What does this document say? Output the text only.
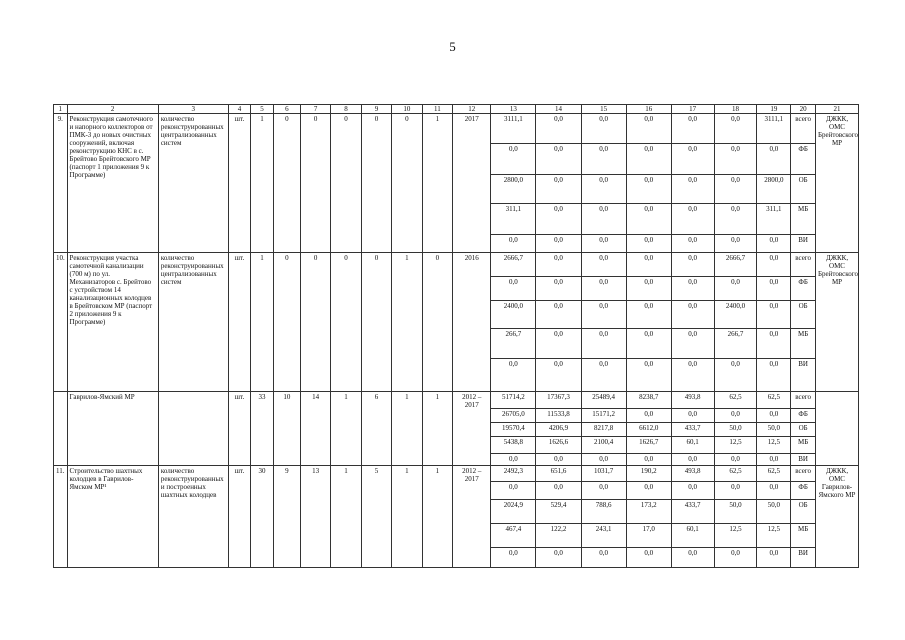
5
1	2	3	4	5	6	7	8	9	10	11	12	13	14	15	16	17	18	19	20	21
9.	Реконструкция самотечного и напорного коллекторов от ПМК-3 до новых очистных сооружений, включая реконструкцию КНС в с. Брейтово Брейтовского МР (паспорт 1 приложения 9 к Программе)	количество реконструированных централизованных систем	шт.	1	0	0	0	0	0	1	2017	3111,1	0,0	0,0	0,0	0,0	0,0	3111,1	всего	ДЖКК, ОМС Брейтовского МР
												0,0	0,0	0,0	0,0	0,0	0,0	0,0	ФБ	
												2800,0	0,0	0,0	0,0	0,0	0,0	2800,0	ОБ	
												311,1	0,0	0,0	0,0	0,0	0,0	311,1	МБ	
												0,0	0,0	0,0	0,0	0,0	0,0	0,0	ВИ	
10.	Реконструкция участка самотечной канализации (700 м) по ул. Механизаторов с. Брейтово с устройством 14 канализационных колодцев в Брейтовском МР (паспорт 2 приложения 9 к Программе)	количество реконструированных централизованных систем	шт.	1	0	0	0	0	1	0	2016	2666,7	0,0	0,0	0,0	0,0	2666,7	0,0	всего	ДЖКК, ОМС Брейтовского МР
												0,0	0,0	0,0	0,0	0,0	0,0	0,0	ФБ	
												2400,0	0,0	0,0	0,0	0,0	2400,0	0,0	ОБ	
												266,7	0,0	0,0	0,0	0,0	266,7	0,0	МБ	
												0,0	0,0	0,0	0,0	0,0	0,0	0,0	ВИ	
	Гаврилов-Ямский МР		шт.	33	10	14	1	6	1	1	2012 – 2017	51714,2	17367,3	25489,4	8238,7	493,8	62,5	62,5	всего	
												26705,0	11533,8	15171,2	0,0	0,0	0,0	0,0	ФБ	
												19570,4	4206,9	8217,8	6612,0	433,7	50,0	50,0	ОБ	
												5438,8	1626,6	2100,4	1626,7	60,1	12,5	12,5	МБ	
												0,0	0,0	0,0	0,0	0,0	0,0	0,0	ВИ	
11.	Строительство шахтных колодцев в Гаврилов-Ямском МР¹	количество реконструированных и построенных шахтных колодцев	шт.	30	9	13	1	5	1	1	2012 – 2017	2492,3	651,6	1031,7	190,2	493,8	62,5	62,5	всего	ДЖКК, ОМС Гаврилов-Ямского МР
												0,0	0,0	0,0	0,0	0,0	0,0	0,0	ФБ	
												2024,9	529,4	788,6	173,2	433,7	50,0	50,0	ОБ	
												467,4	122,2	243,1	17,0	60,1	12,5	12,5	МБ	
												0,0	0,0	0,0	0,0	0,0	0,0	0,0	ВИ	
